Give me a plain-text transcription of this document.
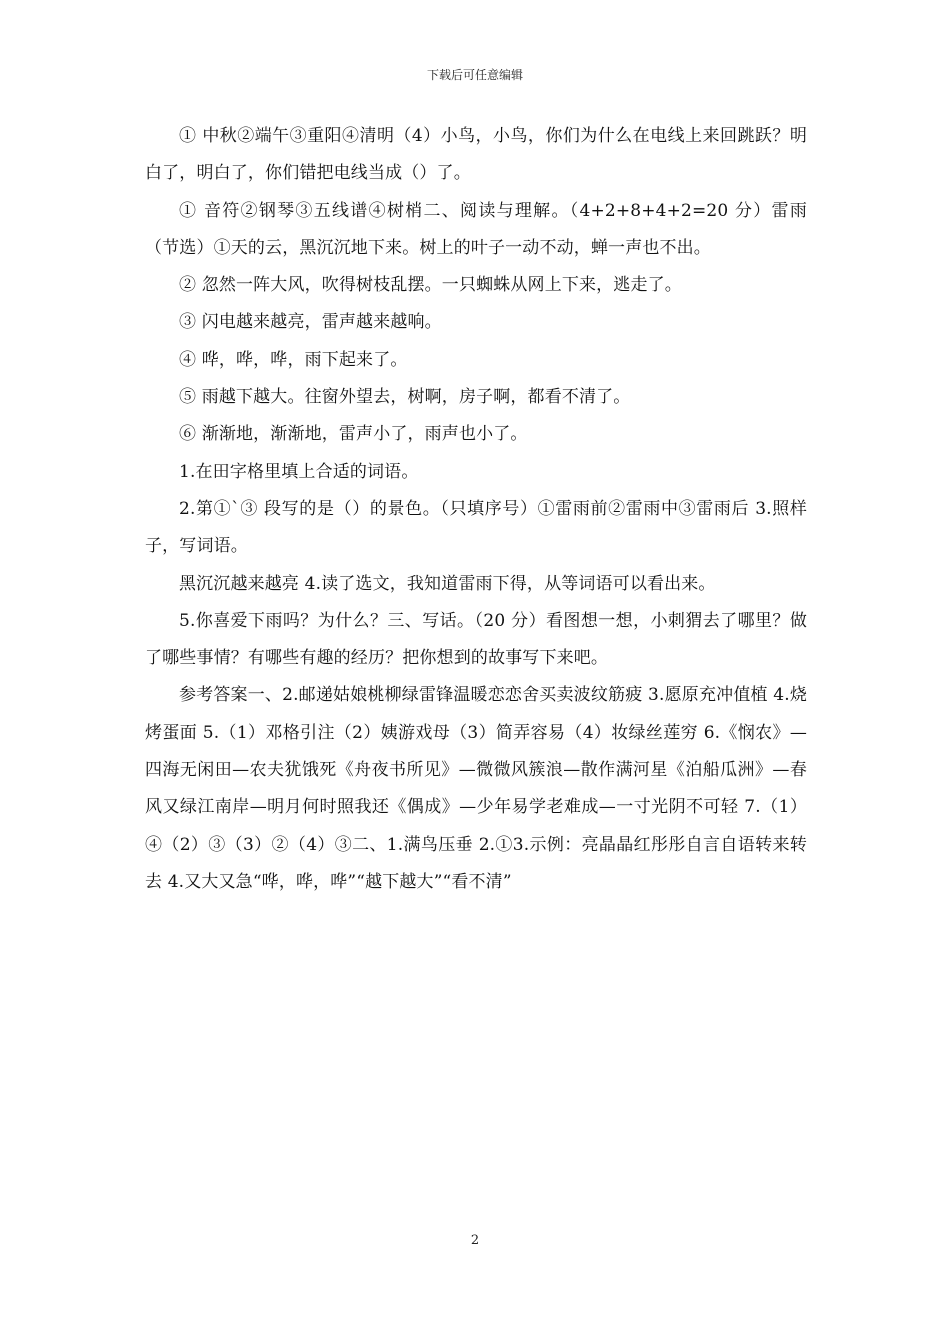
下载后可任意编辑

① 中秋②端午③重阳④清明（4）小鸟，小鸟，你们为什么在电线上来回跳跃？明白了，明白了，你们错把电线当成（）了。

① 音符②钢琴③五线谱④树梢二、阅读与理解。（4+2+8+4+2=20 分）雷雨（节选）①天的云，黑沉沉地下来。树上的叶子一动不动，蝉一声也不出。

② 忽然一阵大风，吹得树枝乱摆。一只蜘蛛从网上下来，逃走了。

③ 闪电越来越亮，雷声越来越响。

④ 哗，哗，哗，雨下起来了。

⑤ 雨越下越大。往窗外望去，树啊，房子啊，都看不清了。

⑥ 渐渐地，渐渐地，雷声小了，雨声也小了。

1.在田字格里填上合适的词语。

2.第①`③ 段写的是（）的景色。（只填序号）①雷雨前②雷雨中③雷雨后 3.照样子，写词语。

黑沉沉越来越亮 4.读了选文，我知道雷雨下得，从等词语可以看出来。

5.你喜爱下雨吗？为什么？三、写话。（20 分）看图想一想，小刺猬去了哪里？做了哪些事情？有哪些有趣的经历？把你想到的故事写下来吧。

参考答案一、2.邮递姑娘桃柳绿雷锋温暖恋恋舍买卖波纹筋疲 3.愿原充冲值植 4.烧烤蛋面 5.（1）邓格引注（2）姨游戏母（3）简弄容易（4）妆绿丝莲穷 6.《悯农》—四海无闲田—农夫犹饿死《舟夜书所见》—微微风簇浪—散作满河星《泊船瓜洲》—春风又绿江南岸—明月何时照我还《偶成》—少年易学老难成—一寸光阴不可轻 7.（1）④（2）③（3）②（4）③二、1.满鸟压垂 2.①3.示例：亮晶晶红彤彤自言自语转来转去 4.又大又急“哗，哗，哗”“越下越大”“看不清”

2
